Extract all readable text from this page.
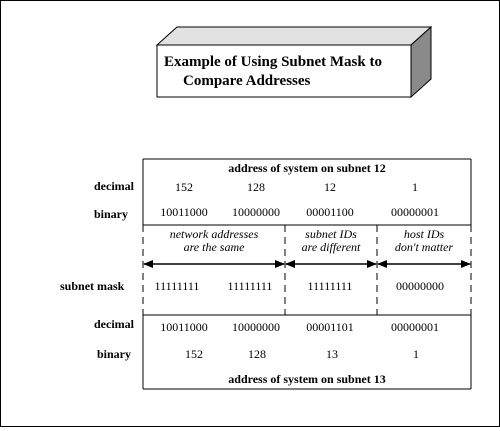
Example of Using Subnet Mask to
Compare Addresses
address of system on subnet 12
decimal	152	128	12	1
binary	10011000 10000000 00001100	00000001
network addresses
are the same
subnet IDs
are different
host IDs
don't matter
subnet mask	11111111 11111111	11111111	00000000
decimal 10011000 10000000 00001101	00000001
binary	152	128	13	1
address of system on subnet 13
